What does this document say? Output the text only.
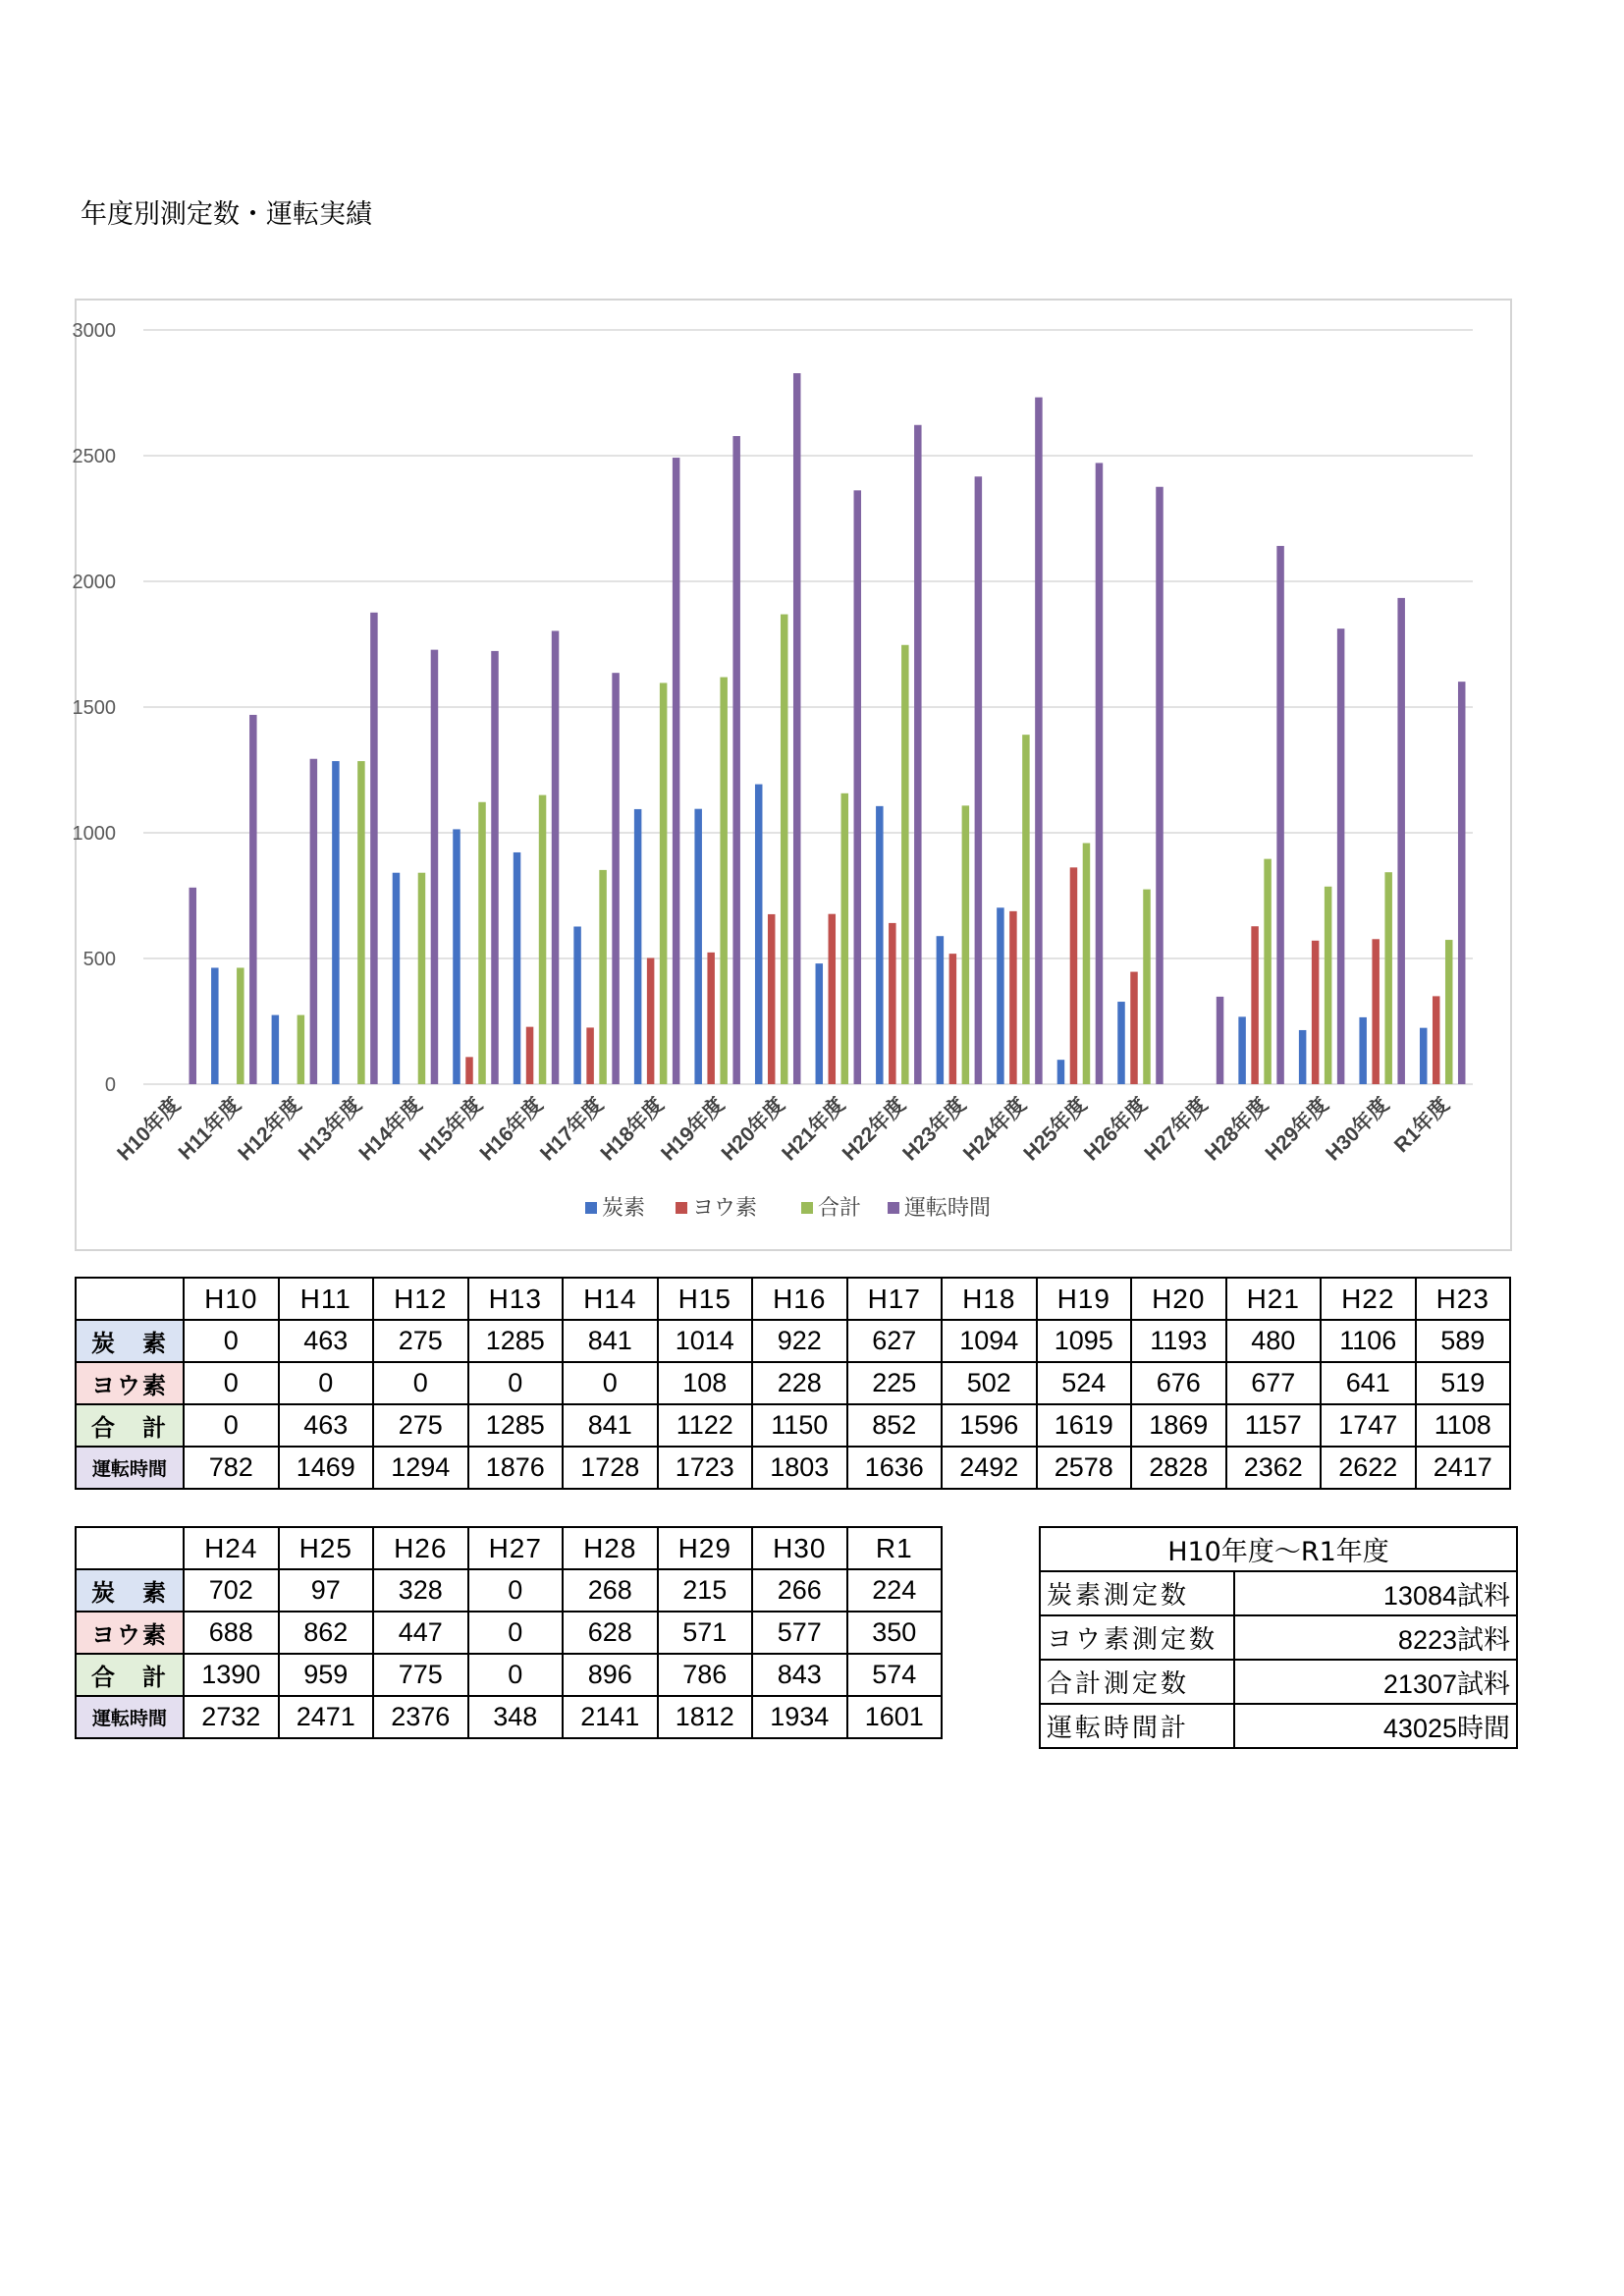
年度別測定数・運転実績
0
500
1000
1500
2000
2500
3000
H10年度
H11年度
H12年度
H13年度
H14年度
H15年度
H16年度
H17年度
H18年度
H19年度
H20年度
H21年度
H22年度
H23年度
H24年度
H25年度
H26年度
H27年度
H28年度
H29年度
H30年度
R1年度
炭素 ヨウ素	合計 運転時間
	H10	H11	H12	H13	H14	H15	H16	H17	H18	H19	H20	H21	H22	H23
炭　素	0	463	275	1285	841	1014	922	627	1094	1095	1193	480	1106	589
ヨウ素	0	0	0	0	0	108	228	225	502	524	676	677	641	519
合　計	0	463	275	1285	841	1122	1150	852	1596	1619	1869	1157	1747	1108
運転時間	782	1469	1294	1876	1728	1723	1803	1636	2492	2578	2828	2362	2622	2417
	H24	H25	H26	H27	H28	H29	H30	R1
炭　素	702	97	328	0	268	215	266	224
ヨウ素	688	862	447	0	628	571	577	350
合　計	1390	959	775	0	896	786	843	574
運転時間	2732	2471	2376	348	2141	1812	1934	1601
H10年度～R1年度	
炭素測定数	13084試料
ヨウ素測定数	8223試料
合計測定数	21307試料
運転時間計	43025時間
